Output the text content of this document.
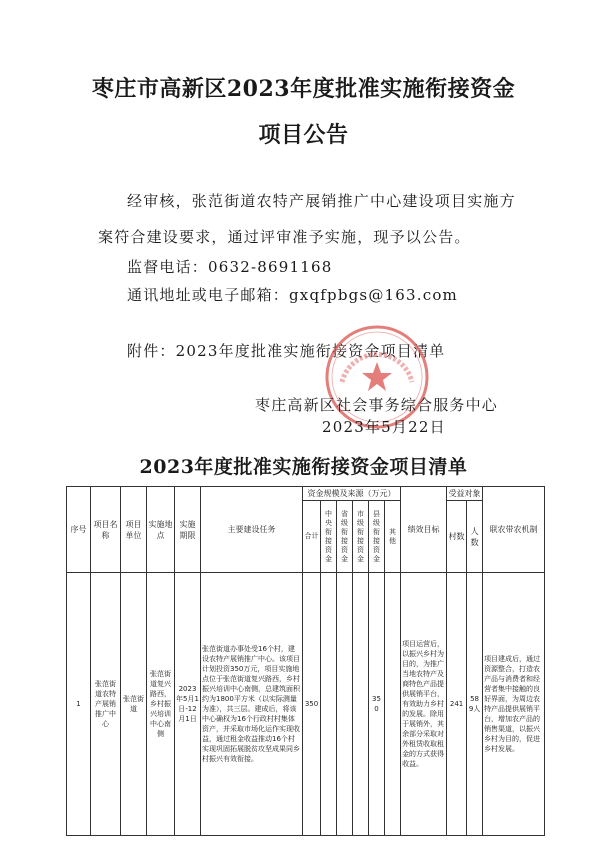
枣庄市高新区2023年度批准实施衔接资金
项目公告
经审核，张范街道农特产展销推广中心建设项目实施方
案符合建设要求，通过评审准予实施，现予以公告。
监督电话：0632-8691168
通讯地址或电子邮箱：gxqfpbgs@163.com
附件：2023年度批准实施衔接资金项目清单
枣庄高新区社会事务综合服务中心
2023年5月22日
2023年度批准实施衔接资金项目清单
序号	项目名称	项目单位	实施地点	实施期限	主要建设任务	资金规模及来源（万元）						绩效目标	受益对象		联农带农机制
						合计	中央衔接资金	省级衔接资金	市级衔接资金	县级衔接资金	其他		村数	人数	

1	张范街道农特产展销推广中心	张范街道	张范街道复兴路西，乡村振兴培训中心南侧	2023年5月1日-12月1日	张范街道办事处受16个村，建设农特产展销推广中心。该项目计划投资350万元，项目实施地点位于张范街道复兴路西，乡村振兴培训中心南侧，总建筑面积约为1800平方米（以实际测量为准），共三层。建成后，将该中心确权为16个行政村村集体资产，并采取市场化运作实现收益，通过租金收益推动16个村实现巩固拓展脱贫攻坚成果同乡村振兴有效衔接。	350				350		项目运营后，以振兴乡村为目的，为推广当地农特产及商特色产品提供展销平台，有效助力乡村的发展。除用于展销外，其余部分采取对外租赁收取租金的方式获得收益。	241	589人	项目建成后，通过资源整合，打造农产品与消费者和经营者集中接触的良好界面，为周边农特产品提供展销平台，增加农产品的销售渠道，以振兴乡村为目的，促进乡村发展。
